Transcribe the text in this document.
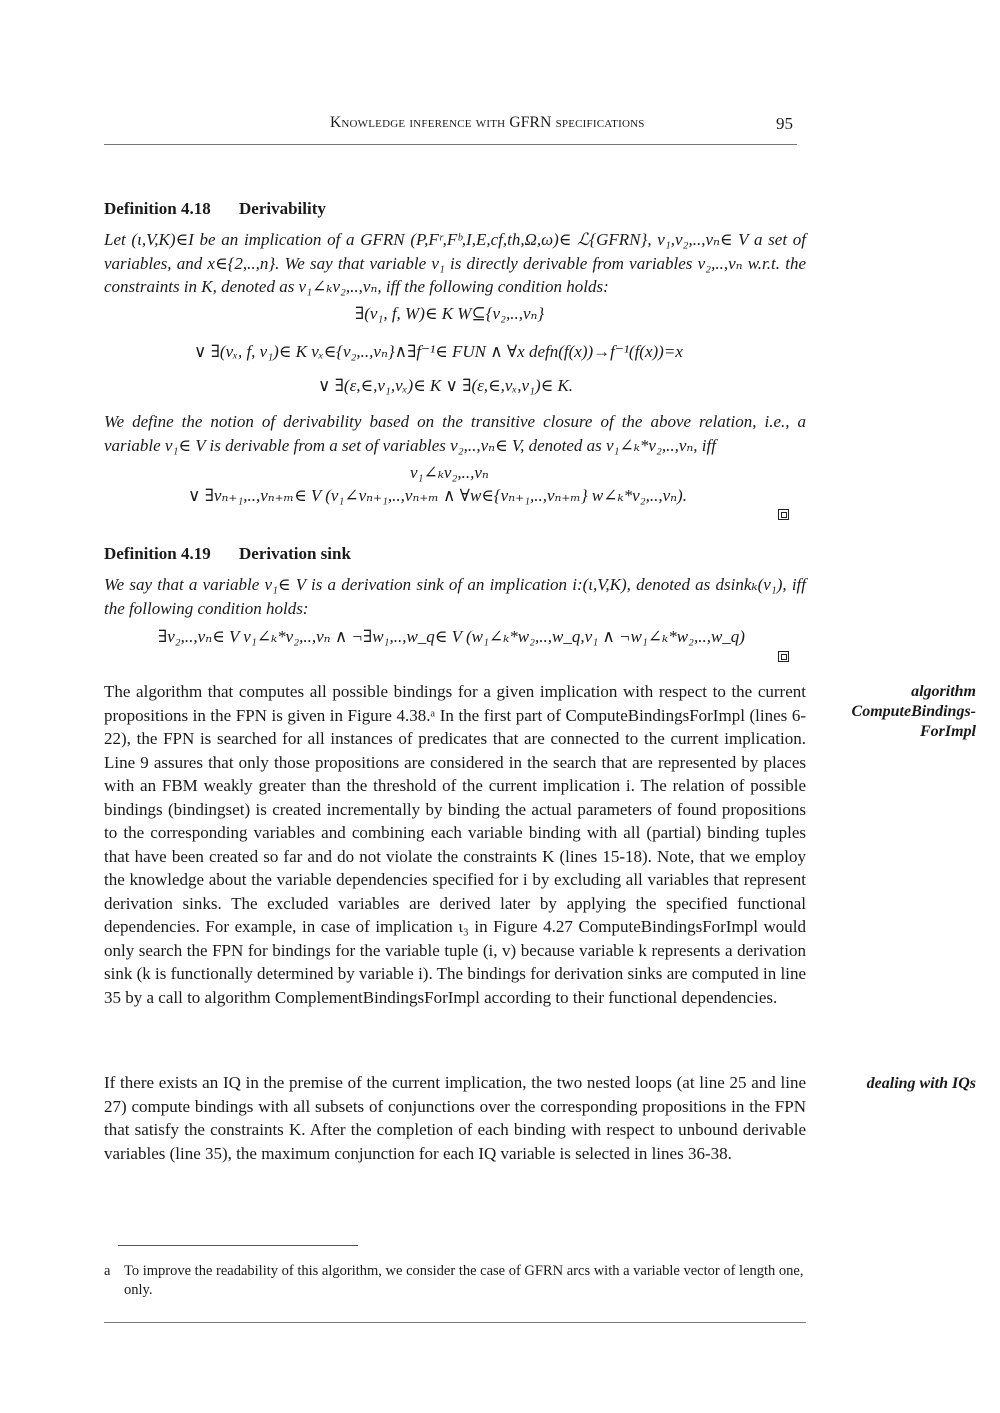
Knowledge inference with GFRN specifications	95
Definition 4.18 Derivability
Let (ι,V,K)∈I be an implication of a GFRN (P,Fʳ,Fᵇ,I,E,cf,th,Ω,ω)∈ ℒ{GFRN}, v₁,v₂,..,vₙ∈ V a set of variables, and x∈{2,..,n}. We say that variable v₁ is directly derivable from variables v₂,..,vₙ w.r.t. the constraints in K, denoted as v₁∠ₖv₂,..,vₙ, iff the following condition holds:
∃(v₁, f, W)∈ K W⊆{v₂,..,vₙ}
∨ ∃(vₓ, f, v₁)∈ K vₓ∈{v₂,..,vₙ}∧∃f⁻¹∈ FUN ∧ ∀x defn(f(x))→f⁻¹(f(x))=x
∨ ∃(ε,∈,v₁,vₓ)∈ K ∨ ∃(ε,∈,vₓ,v₁)∈ K.
We define the notion of derivability based on the transitive closure of the above relation, i.e., a variable v₁∈ V is derivable from a set of variables v₂,..,vₙ∈ V, denoted as v₁∠ₖ*v₂,..,vₙ, iff
v₁∠ₖv₂,..,vₙ
∨ ∃vₙ₊₁,..,vₙ₊ₘ∈ V (v₁∠vₙ₊₁,..,vₙ₊ₘ ∧ ∀w∈{vₙ₊₁,..,vₙ₊ₘ} w∠ₖ*v₂,..,vₙ).
Definition 4.19 Derivation sink
We say that a variable v₁∈ V is a derivation sink of an implication i:(ι,V,K), denoted as dsinkₖ(v₁), iff the following condition holds:
∃v₂,..,vₙ∈ V v₁∠ₖ*v₂,..,vₙ ∧ ¬∃w₁,..,w_q∈ V (w₁∠ₖ*w₂,..,w_q,v₁ ∧ ¬w₁∠ₖ*w₂,..,w_q)
The algorithm that computes all possible bindings for a given implication with respect to the current propositions in the FPN is given in Figure 4.38.ᵃ In the first part of ComputeBindingsForImpl (lines 6-22), the FPN is searched for all instances of predicates that are connected to the current implication. Line 9 assures that only those propositions are considered in the search that are represented by places with an FBM weakly greater than the threshold of the current implication i. The relation of possible bindings (bindingset) is created incrementally by binding the actual parameters of found propositions to the corresponding variables and combining each variable binding with all (partial) binding tuples that have been created so far and do not violate the constraints K (lines 15-18). Note, that we employ the knowledge about the variable dependencies specified for i by excluding all variables that represent derivation sinks. The excluded variables are derived later by applying the specified functional dependencies. For example, in case of implication ι₃ in Figure 4.27 ComputeBindingsForImpl would only search the FPN for bindings for the variable tuple (i, v) because variable k represents a derivation sink (k is functionally determined by variable i). The bindings for derivation sinks are computed in line 35 by a call to algorithm ComplementBindingsForImpl according to their functional dependencies.
algorithm ComputeBindings-ForImpl
If there exists an IQ in the premise of the current implication, the two nested loops (at line 25 and line 27) compute bindings with all subsets of conjunctions over the corresponding propositions in the FPN that satisfy the constraints K. After the completion of each binding with respect to unbound derivable variables (line 35), the maximum conjunction for each IQ variable is selected in lines 36-38.
dealing with IQs
a To improve the readability of this algorithm, we consider the case of GFRN arcs with a variable vector of length one, only.
